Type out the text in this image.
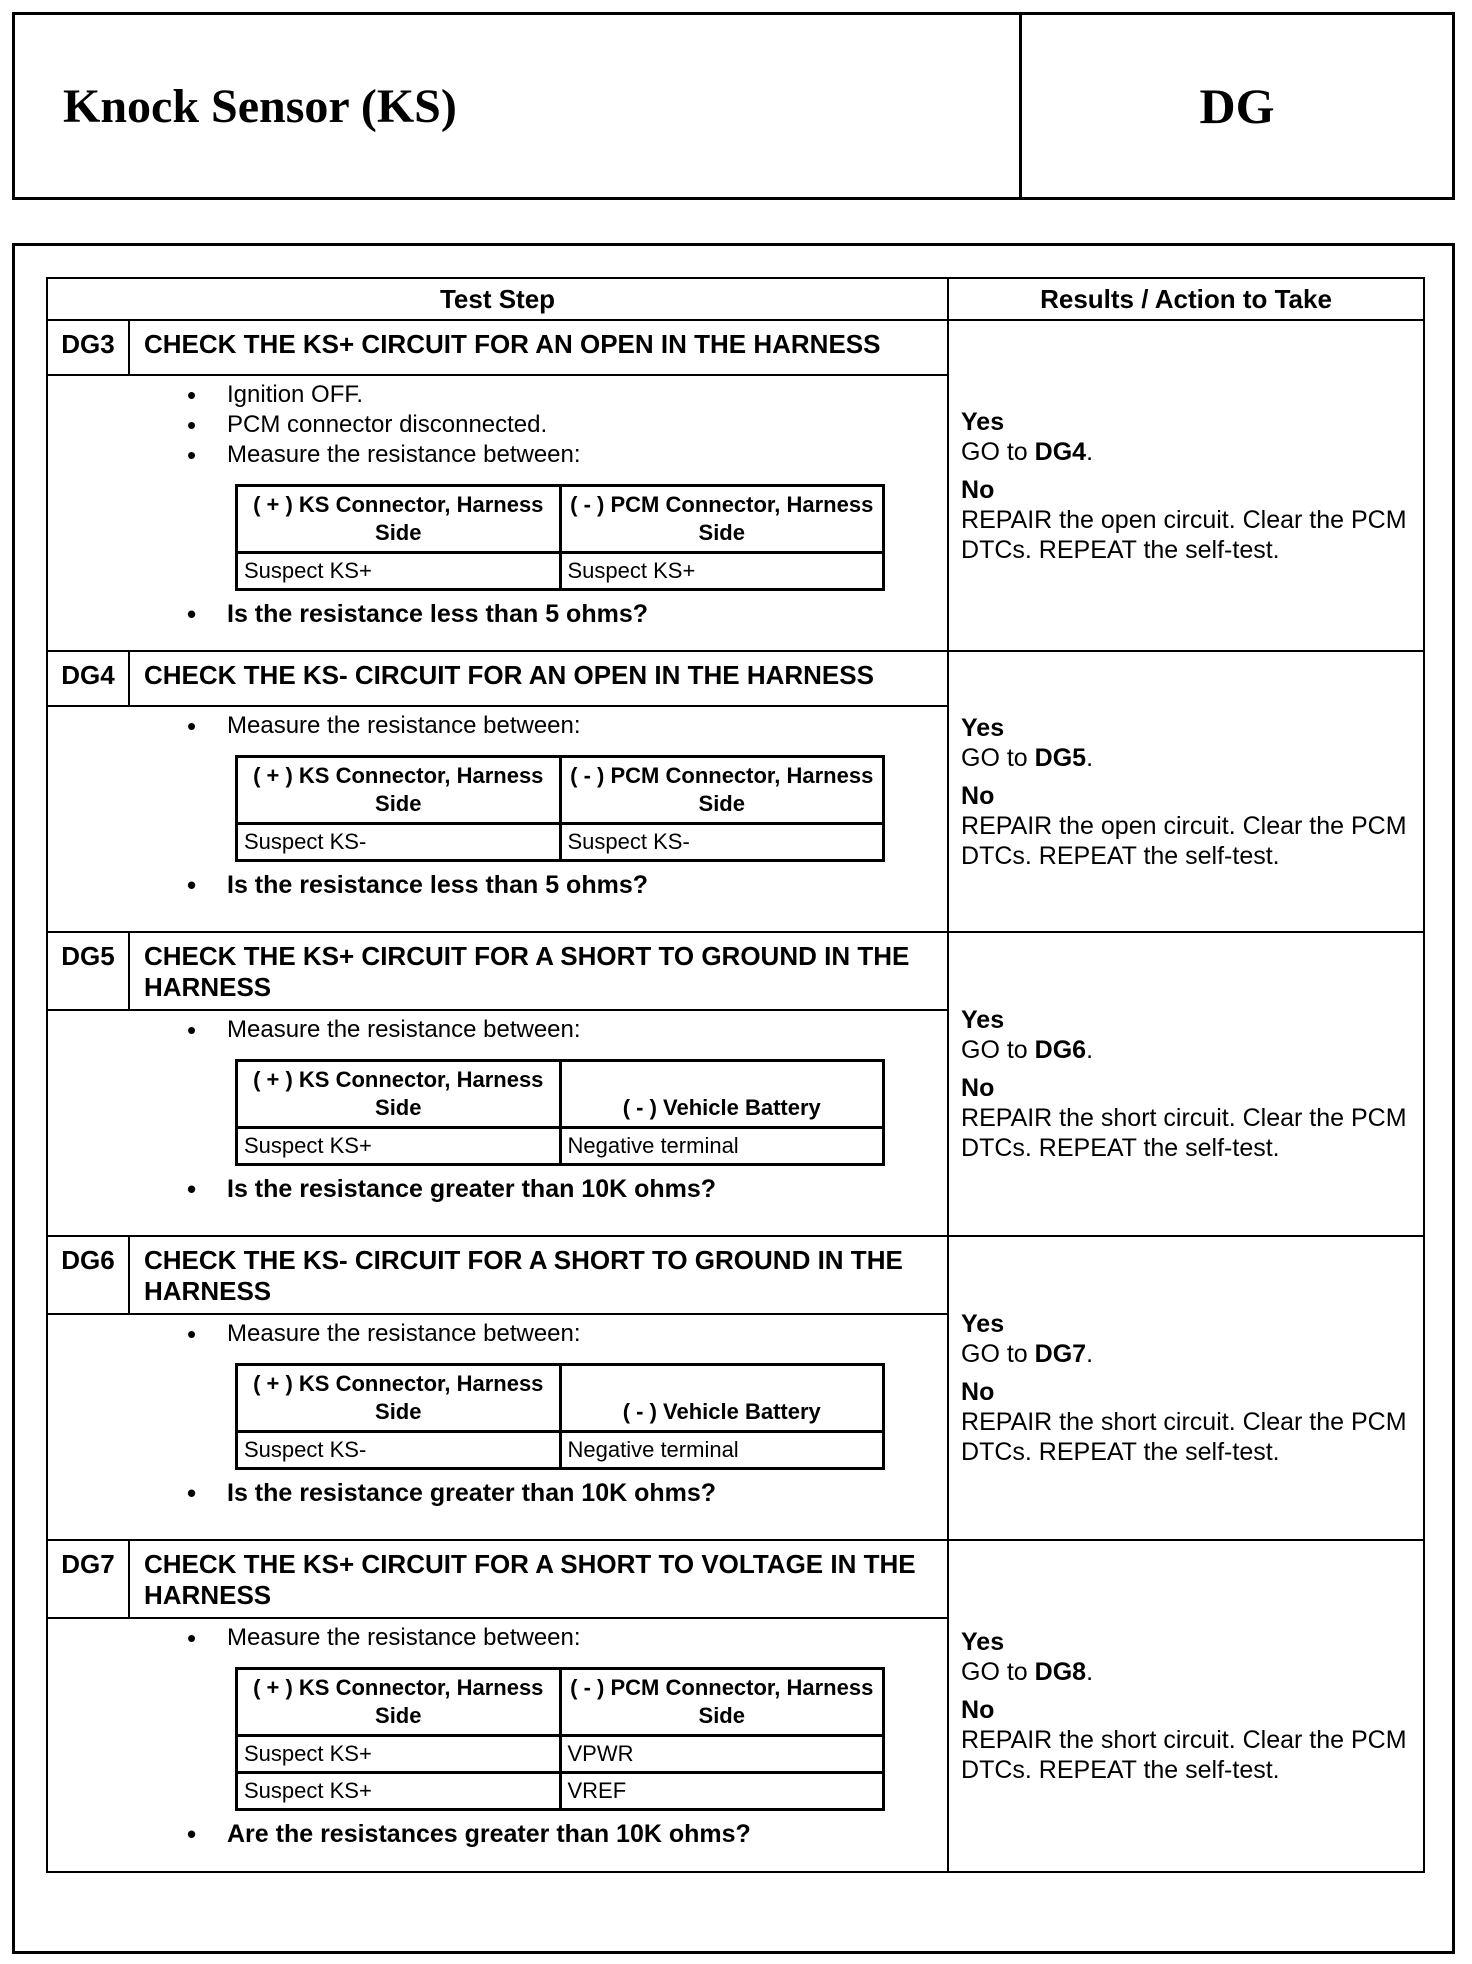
Knock Sensor (KS)	DG
Test Step	Results / Action to Take
DG3	CHECK THE KS+ CIRCUIT FOR AN OPEN IN THE HARNESS	
Yes
GO to DG4.
No
REPAIR the open circuit. Clear the PCM DTCs. REPEAT the self-test.

• Ignition OFF.
• PCM connector disconnected.
• Measure the resistance between:
( + ) KS Connector, Harness Side	( - ) PCM Connector, Harness Side
Suspect KS+	Suspect KS+
• Is the resistance less than 5 ohms?

DG4	CHECK THE KS- CIRCUIT FOR AN OPEN IN THE HARNESS	
Yes
GO to DG5.
No
REPAIR the open circuit. Clear the PCM DTCs. REPEAT the self-test.

• Measure the resistance between:
( + ) KS Connector, Harness Side	( - ) PCM Connector, Harness Side
Suspect KS-	Suspect KS-
• Is the resistance less than 5 ohms?

DG5	CHECK THE KS+ CIRCUIT FOR A SHORT TO GROUND IN THE HARNESS	
Yes
GO to DG6.
No
REPAIR the short circuit. Clear the PCM DTCs. REPEAT the self-test.

• Measure the resistance between:
( + ) KS Connector, Harness Side	( - ) Vehicle Battery
Suspect KS+	Negative terminal
• Is the resistance greater than 10K ohms?

DG6	CHECK THE KS- CIRCUIT FOR A SHORT TO GROUND IN THE HARNESS	
Yes
GO to DG7.
No
REPAIR the short circuit. Clear the PCM DTCs. REPEAT the self-test.

• Measure the resistance between:
( + ) KS Connector, Harness Side	( - ) Vehicle Battery
Suspect KS-	Negative terminal
• Is the resistance greater than 10K ohms?

DG7	CHECK THE KS+ CIRCUIT FOR A SHORT TO VOLTAGE IN THE HARNESS	
Yes
GO to DG8.
No
REPAIR the short circuit. Clear the PCM DTCs. REPEAT the self-test.

• Measure the resistance between:
( + ) KS Connector, Harness Side	( - ) PCM Connector, Harness Side
Suspect KS+	VPWR
Suspect KS+	VREF
• Are the resistances greater than 10K ohms?
